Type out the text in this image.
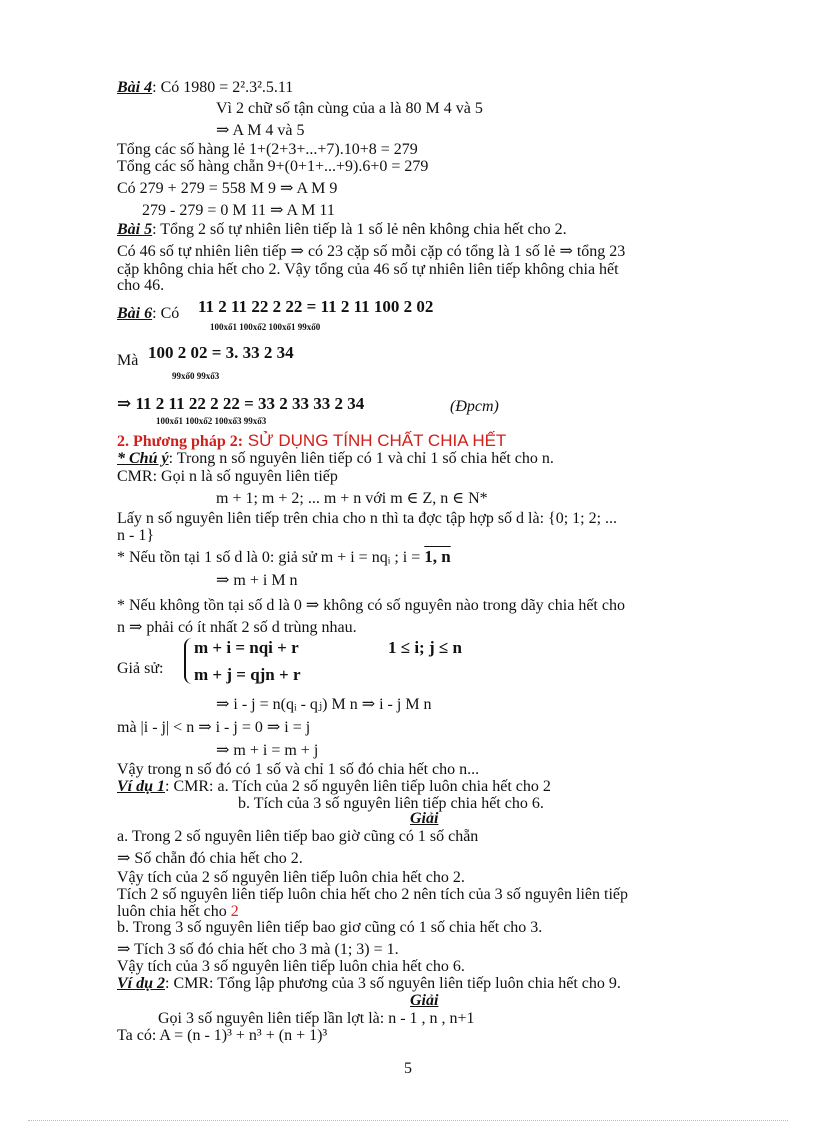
Bài 4: Có 1980 = 2².3².5.11
Vì 2 chữ số tận cùng của a là 80 M 4 và 5
⇒ A M 4 và 5
Tổng các số hàng lẻ 1+(2+3+...+7).10+8 = 279
Tổng các số hàng chẵn 9+(0+1+...+9).6+0 = 279
Có 279 + 279 = 558 M 9 ⇒ A M 9
279 - 279 = 0 M 11 ⇒ A M 11
Bài 5: Tổng 2 số tự nhiên liên tiếp là 1 số lẻ nên không chia hết cho 2.
Có 46 số tự nhiên liên tiếp ⇒ có 23 cặp số mỗi cặp có tổng là 1 số lẻ ⇒ tổng 23
cặp không chia hết cho 2. Vậy tổng của 46 số tự nhiên liên tiếp không chia hết
cho 46.
Bài 6: Có 11 2 11 22 2 22 = 11 2 11 100 2 02
100xố1 100xố2 100xố1 99xố0
Mà 100 2 02 = 3. 33 2 34
99xố0 99xố3
⇒ 11 2 11 22 2 22 = 33 2 33 33 2 34
100xố1 100xố2 100xố3 99xố3
(Đpcm)
2. Phương pháp 2: SỬ DỤNG TÍNH CHẤT CHIA HẾT
* Chú ý: Trong n số nguyên liên tiếp có 1 và chỉ 1 số chia hết cho n.
CMR: Gọi n là số nguyên liên tiếp
m + 1; m + 2; ... m + n với m ∈ Z, n ∈ N*
Lấy n số nguyên liên tiếp trên chia cho n thì ta đợc tập hợp số d là: {0; 1; 2; ...
n - 1}
* Nếu tồn tại 1 số d là 0: giả sử m + i = nqᵢ ; i = 1, n
⇒ m + i M n
* Nếu không tồn tại số d là 0 ⇒ không có số nguyên nào trong dãy chia hết cho
n ⇒ phải có ít nhất 2 số d trùng nhau.
Giả sử:
m + i = nqi + r	1 ≤ i; j ≤ n
m + j = qjn + r
⇒ i - j = n(qᵢ - qⱼ) M n ⇒ i - j M n
mà |i - j| < n ⇒ i - j = 0 ⇒ i = j
⇒ m + i = m + j
Vậy trong n số đó có 1 số và chỉ 1 số đó chia hết cho n...
Ví dụ 1: CMR: a. Tích của 2 số nguyên liên tiếp luôn chia hết cho 2
b. Tích của 3 số nguyên liên tiếp chia hết cho 6.
Giải
a. Trong 2 số nguyên liên tiếp bao giờ cũng có 1 số chẵn
⇒ Số chẵn đó chia hết cho 2.
Vậy tích của 2 số nguyên liên tiếp luôn chia hết cho 2.
Tích 2 số nguyên liên tiếp luôn chia hết cho 2 nên tích của 3 số nguyên liên tiếp
luôn chia hết cho 2
b. Trong 3 số nguyên liên tiếp bao giơ cũng có 1 số chia hết cho 3.
⇒ Tích 3 số đó chia hết cho 3 mà (1; 3) = 1.
Vậy tích của 3 số nguyên liên tiếp luôn chia hết cho 6.
Ví dụ 2: CMR: Tổng lập phương của 3 số nguyên liên tiếp luôn chia hết cho 9.
Giải
Gọi 3 số nguyên liên tiếp lần lợt là: n - 1 , n , n+1
Ta có: A = (n - 1)³ + n³ + (n + 1)³
5
